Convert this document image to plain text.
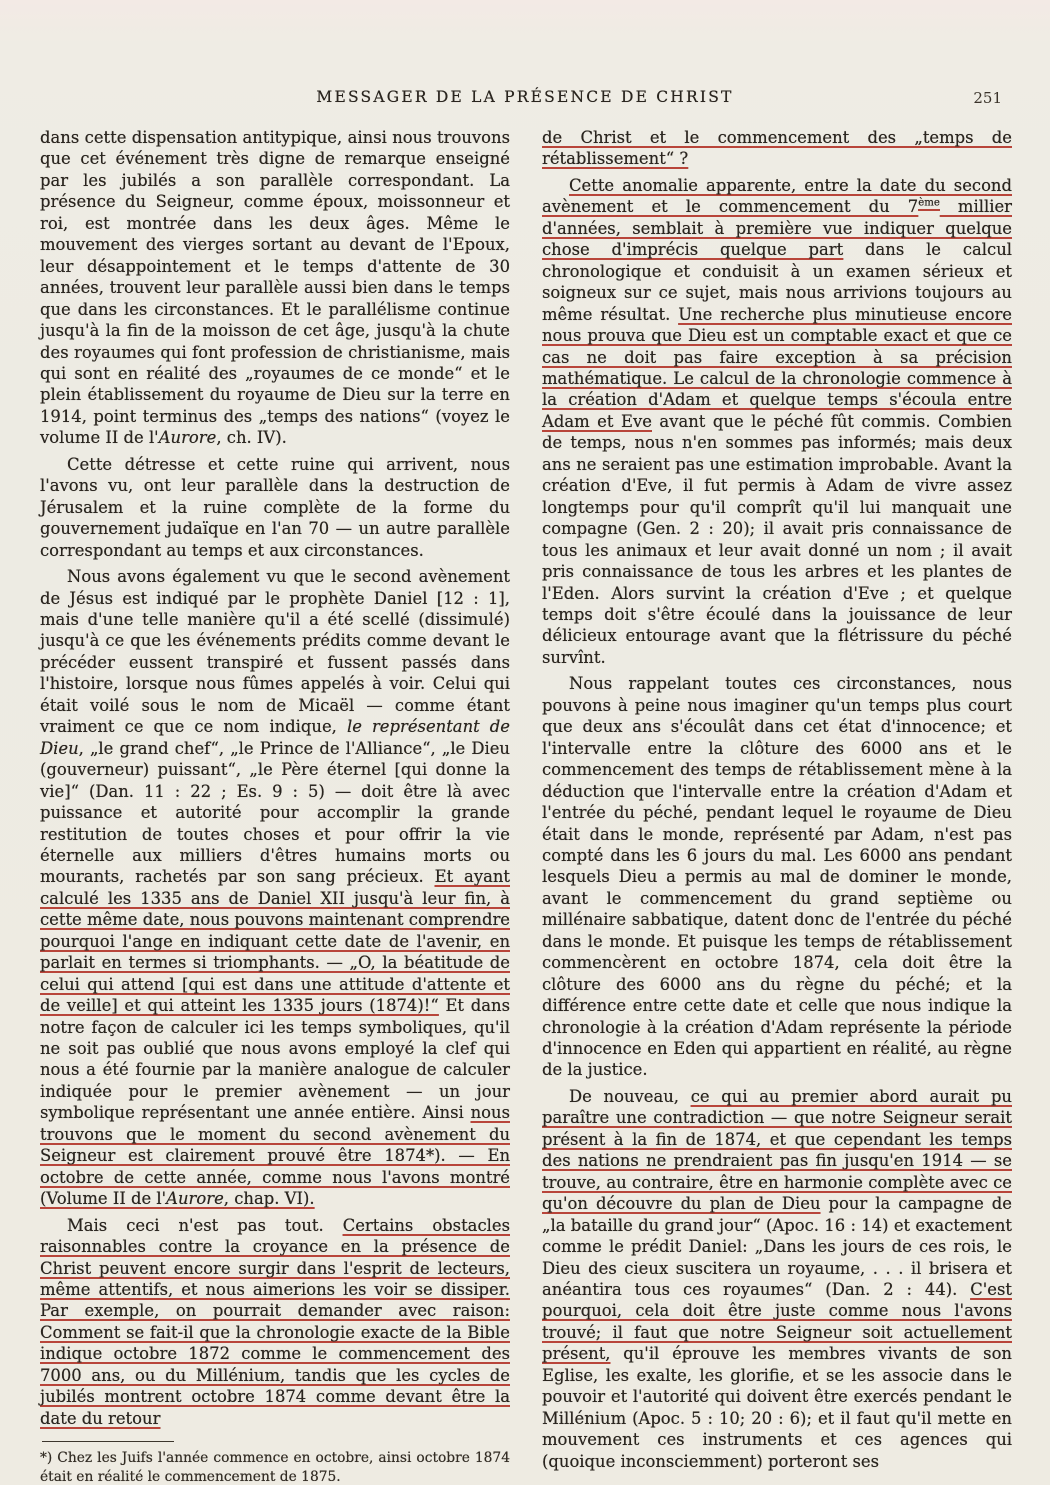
MESSAGER DE LA PRÉSENCE DE CHRIST	251

dans cette dispensation antitypique, ainsi nous trouvons que cet événement très digne de remarque enseigné par les jubilés a son parallèle correspondant. La présence du Seigneur, comme époux, moissonneur et roi, est montrée dans les deux âges. Même le mouvement des vierges sortant au devant de l'Epoux, leur désappointement et le temps d'attente de 30 années, trouvent leur parallèle aussi bien dans le temps que dans les circonstances. Et le parallélisme continue jusqu'à la fin de la moisson de cet âge, jusqu'à la chute des royaumes qui font profession de christianisme, mais qui sont en réalité des „royaumes de ce monde“ et le plein établissement du royaume de Dieu sur la terre en 1914, point terminus des „temps des nations“ (voyez le volume II de l'Aurore, ch. IV).

Cette détresse et cette ruine qui arrivent, nous l'avons vu, ont leur parallèle dans la destruction de Jérusalem et la ruine complète de la forme du gouvernement judaïque en l'an 70 — un autre parallèle correspondant au temps et aux circonstances.

Nous avons également vu que le second avènement de Jésus est indiqué par le prophète Daniel [12 : 1], mais d'une telle manière qu'il a été scellé (dissimulé) jusqu'à ce que les événements prédits comme devant le précéder eussent transpiré et fussent passés dans l'histoire, lorsque nous fûmes appelés à voir. Celui qui était voilé sous le nom de Micaël — comme étant vraiment ce que ce nom indique, le représentant de Dieu, „le grand chef“, „le Prince de l'Alliance“, „le Dieu (gouverneur) puissant“, „le Père éternel [qui donne la vie]“ (Dan. 11 : 22 ; Es. 9 : 5) — doit être là avec puissance et autorité pour accomplir la grande restitution de toutes choses et pour offrir la vie éternelle aux milliers d'êtres humains morts ou mourants, rachetés par son sang précieux. Et ayant calculé les 1335 ans de Daniel XII jusqu'à leur fin, à cette même date, nous pouvons maintenant comprendre pourquoi l'ange en indiquant cette date de l'avenir, en parlait en termes si triomphants. — „O, la béatitude de celui qui attend [qui est dans une attitude d'attente et de veille] et qui atteint les 1335 jours (1874)!“ Et dans notre façon de calculer ici les temps symboliques, qu'il ne soit pas oublié que nous avons employé la clef qui nous a été fournie par la manière analogue de calculer indiquée pour le premier avènement — un jour symbolique représentant une année entière. Ainsi nous trouvons que le moment du second avènement du Seigneur est clairement prouvé être 1874*). — En octobre de cette année, comme nous l'avons montré (Volume II de l'Aurore, chap. VI).

Mais ceci n'est pas tout. Certains obstacles raisonnables contre la croyance en la présence de Christ peuvent encore surgir dans l'esprit de lecteurs, même attentifs, et nous aimerions les voir se dissiper. Par exemple, on pourrait demander avec raison: Comment se fait-il que la chronologie exacte de la Bible indique octobre 1872 comme le commencement des 7000 ans, ou du Millénium, tandis que les cycles de jubilés montrent octobre 1874 comme devant être la date du retour

*) Chez les Juifs l'année commence en octobre, ainsi octobre 1874 était en réalité le commencement de 1875.

de Christ et le commencement des „temps de rétablissement“ ?

Cette anomalie apparente, entre la date du second avènement et le commencement du 7ème millier d'années, semblait à première vue indiquer quelque chose d'imprécis quelque part dans le calcul chronologique et conduisit à un examen sérieux et soigneux sur ce sujet, mais nous arrivions toujours au même résultat. Une recherche plus minutieuse encore nous prouva que Dieu est un comptable exact et que ce cas ne doit pas faire exception à sa précision mathématique. Le calcul de la chronologie commence à la création d'Adam et quelque temps s'écoula entre Adam et Eve avant que le péché fût commis. Combien de temps, nous n'en sommes pas informés; mais deux ans ne seraient pas une estimation improbable. Avant la création d'Eve, il fut permis à Adam de vivre assez longtemps pour qu'il comprît qu'il lui manquait une compagne (Gen. 2 : 20); il avait pris connaissance de tous les animaux et leur avait donné un nom ; il avait pris connaissance de tous les arbres et les plantes de l'Eden. Alors survint la création d'Eve ; et quelque temps doit s'être écoulé dans la jouissance de leur délicieux entourage avant que la flétrissure du péché survînt.

Nous rappelant toutes ces circonstances, nous pouvons à peine nous imaginer qu'un temps plus court que deux ans s'écoulât dans cet état d'innocence; et l'intervalle entre la clôture des 6000 ans et le commencement des temps de rétablissement mène à la déduction que l'intervalle entre la création d'Adam et l'entrée du péché, pendant lequel le royaume de Dieu était dans le monde, représenté par Adam, n'est pas compté dans les 6 jours du mal. Les 6000 ans pendant lesquels Dieu a permis au mal de dominer le monde, avant le commencement du grand septième ou millénaire sabbatique, datent donc de l'entrée du péché dans le monde. Et puisque les temps de rétablissement commencèrent en octobre 1874, cela doit être la clôture des 6000 ans du règne du péché; et la différence entre cette date et celle que nous indique la chronologie à la création d'Adam représente la période d'innocence en Eden qui appartient en réalité, au règne de la justice.

De nouveau, ce qui au premier abord aurait pu paraître une contradiction — que notre Seigneur serait présent à la fin de 1874, et que cependant les temps des nations ne prendraient pas fin jusqu'en 1914 — se trouve, au contraire, être en harmonie complète avec ce qu'on découvre du plan de Dieu pour la campagne de „la bataille du grand jour“ (Apoc. 16 : 14) et exactement comme le prédit Daniel: „Dans les jours de ces rois, le Dieu des cieux suscitera un royaume, . . . il brisera et anéantira tous ces royaumes“ (Dan. 2 : 44). C'est pourquoi, cela doit être juste comme nous l'avons trouvé; il faut que notre Seigneur soit actuellement présent, qu'il éprouve les membres vivants de son Eglise, les exalte, les glorifie, et se les associe dans le pouvoir et l'autorité qui doivent être exercés pendant le Millénium (Apoc. 5 : 10; 20 : 6); et il faut qu'il mette en mouvement ces instruments et ces agences qui (quoique inconsciemment) porteront ses
